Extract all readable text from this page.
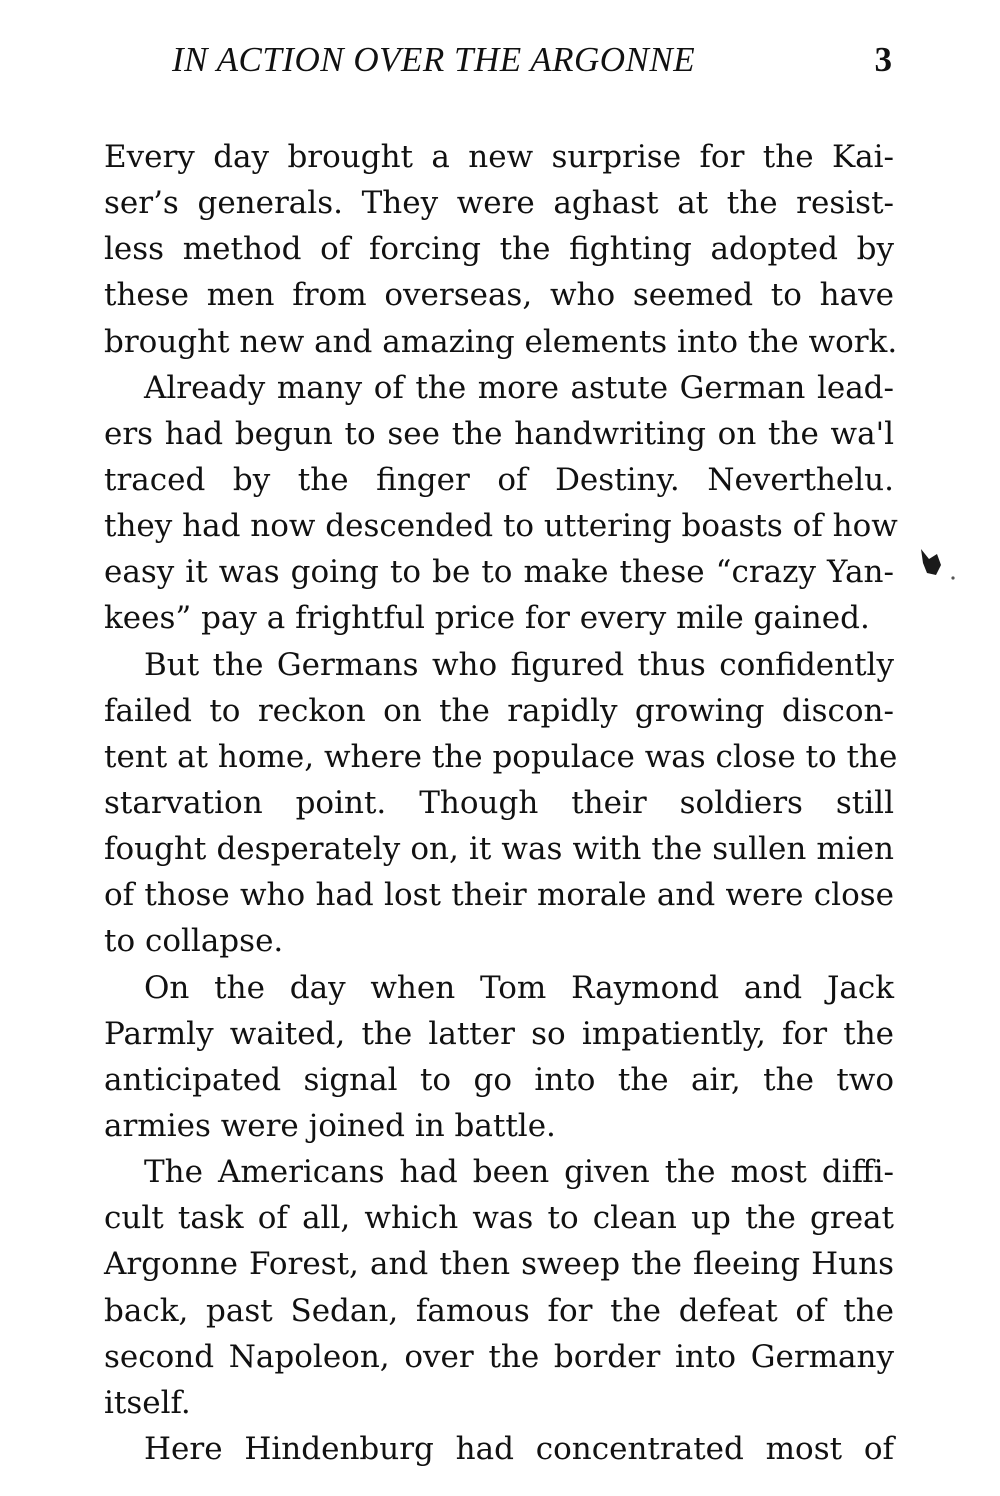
IN ACTION OVER THE ARGONNE	3
Every day brought a new surprise for the Kai-
ser’s generals. They were aghast at the resist-
less method of forcing the fighting adopted by
these men from overseas, who seemed to have
brought new and amazing elements into the work.
Already many of the more astute German lead-
ers had begun to see the handwriting on the wa'l
traced by the finger of Destiny. Neverthelu.
they had now descended to uttering boasts of how
easy it was going to be to make these “crazy Yan-
kees” pay a frightful price for every mile gained.
But the Germans who figured thus confidently
failed to reckon on the rapidly growing discon-
tent at home, where the populace was close to the
starvation point. Though their soldiers still
fought desperately on, it was with the sullen mien
of those who had lost their morale and were close
to collapse.
On the day when Tom Raymond and Jack
Parmly waited, the latter so impatiently, for the
anticipated signal to go into the air, the two
armies were joined in battle.
The Americans had been given the most diffi-
cult task of all, which was to clean up the great
Argonne Forest, and then sweep the fleeing Huns
back, past Sedan, famous for the defeat of the
second Napoleon, over the border into Germany
itself.
Here Hindenburg had concentrated most of
